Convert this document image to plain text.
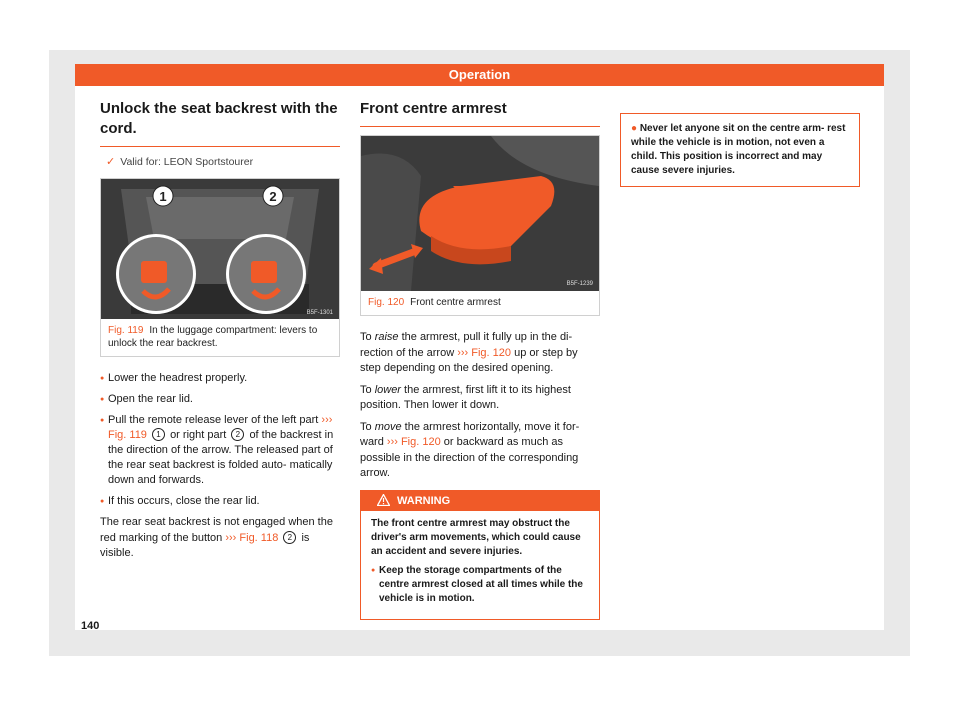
Operation
Unlock the seat backrest with the cord.
✓ Valid for: LEON Sportstourer
1	2
B5F-1301
Fig. 119 In the luggage compartment: levers to unlock the rear backrest.
● Lower the headrest properly.
● Open the rear lid.
● Pull the remote release lever of the left part ››› Fig. 119 1 or right part 2 of the backrest in the direction of the arrow. The released part of the rear seat backrest is folded auto- matically down and forwards.
● If this occurs, close the rear lid.

The rear seat backrest is not engaged when the red marking of the button ››› Fig. 118 2 is visible.

Front centre armrest
B5F-1239
Fig. 120 Front centre armrest

To raise the armrest, pull it fully up in the di- rection of the arrow ››› Fig. 120 up or step by step depending on the desired opening.

To lower the armrest, first lift it to its highest position. Then lower it down.

To move the armrest horizontally, move it for- ward ››› Fig. 120 or backward as much as possible in the direction of the corresponding arrow.

WARNING

The front centre armrest may obstruct the driver's arm movements, which could cause an accident and severe injuries.

● Keep the storage compartments of the centre armrest closed at all times while the vehicle is in motion.

● Never let anyone sit on the centre arm- rest while the vehicle is in motion, not even a child. This position is incorrect and may cause severe injuries.
140
